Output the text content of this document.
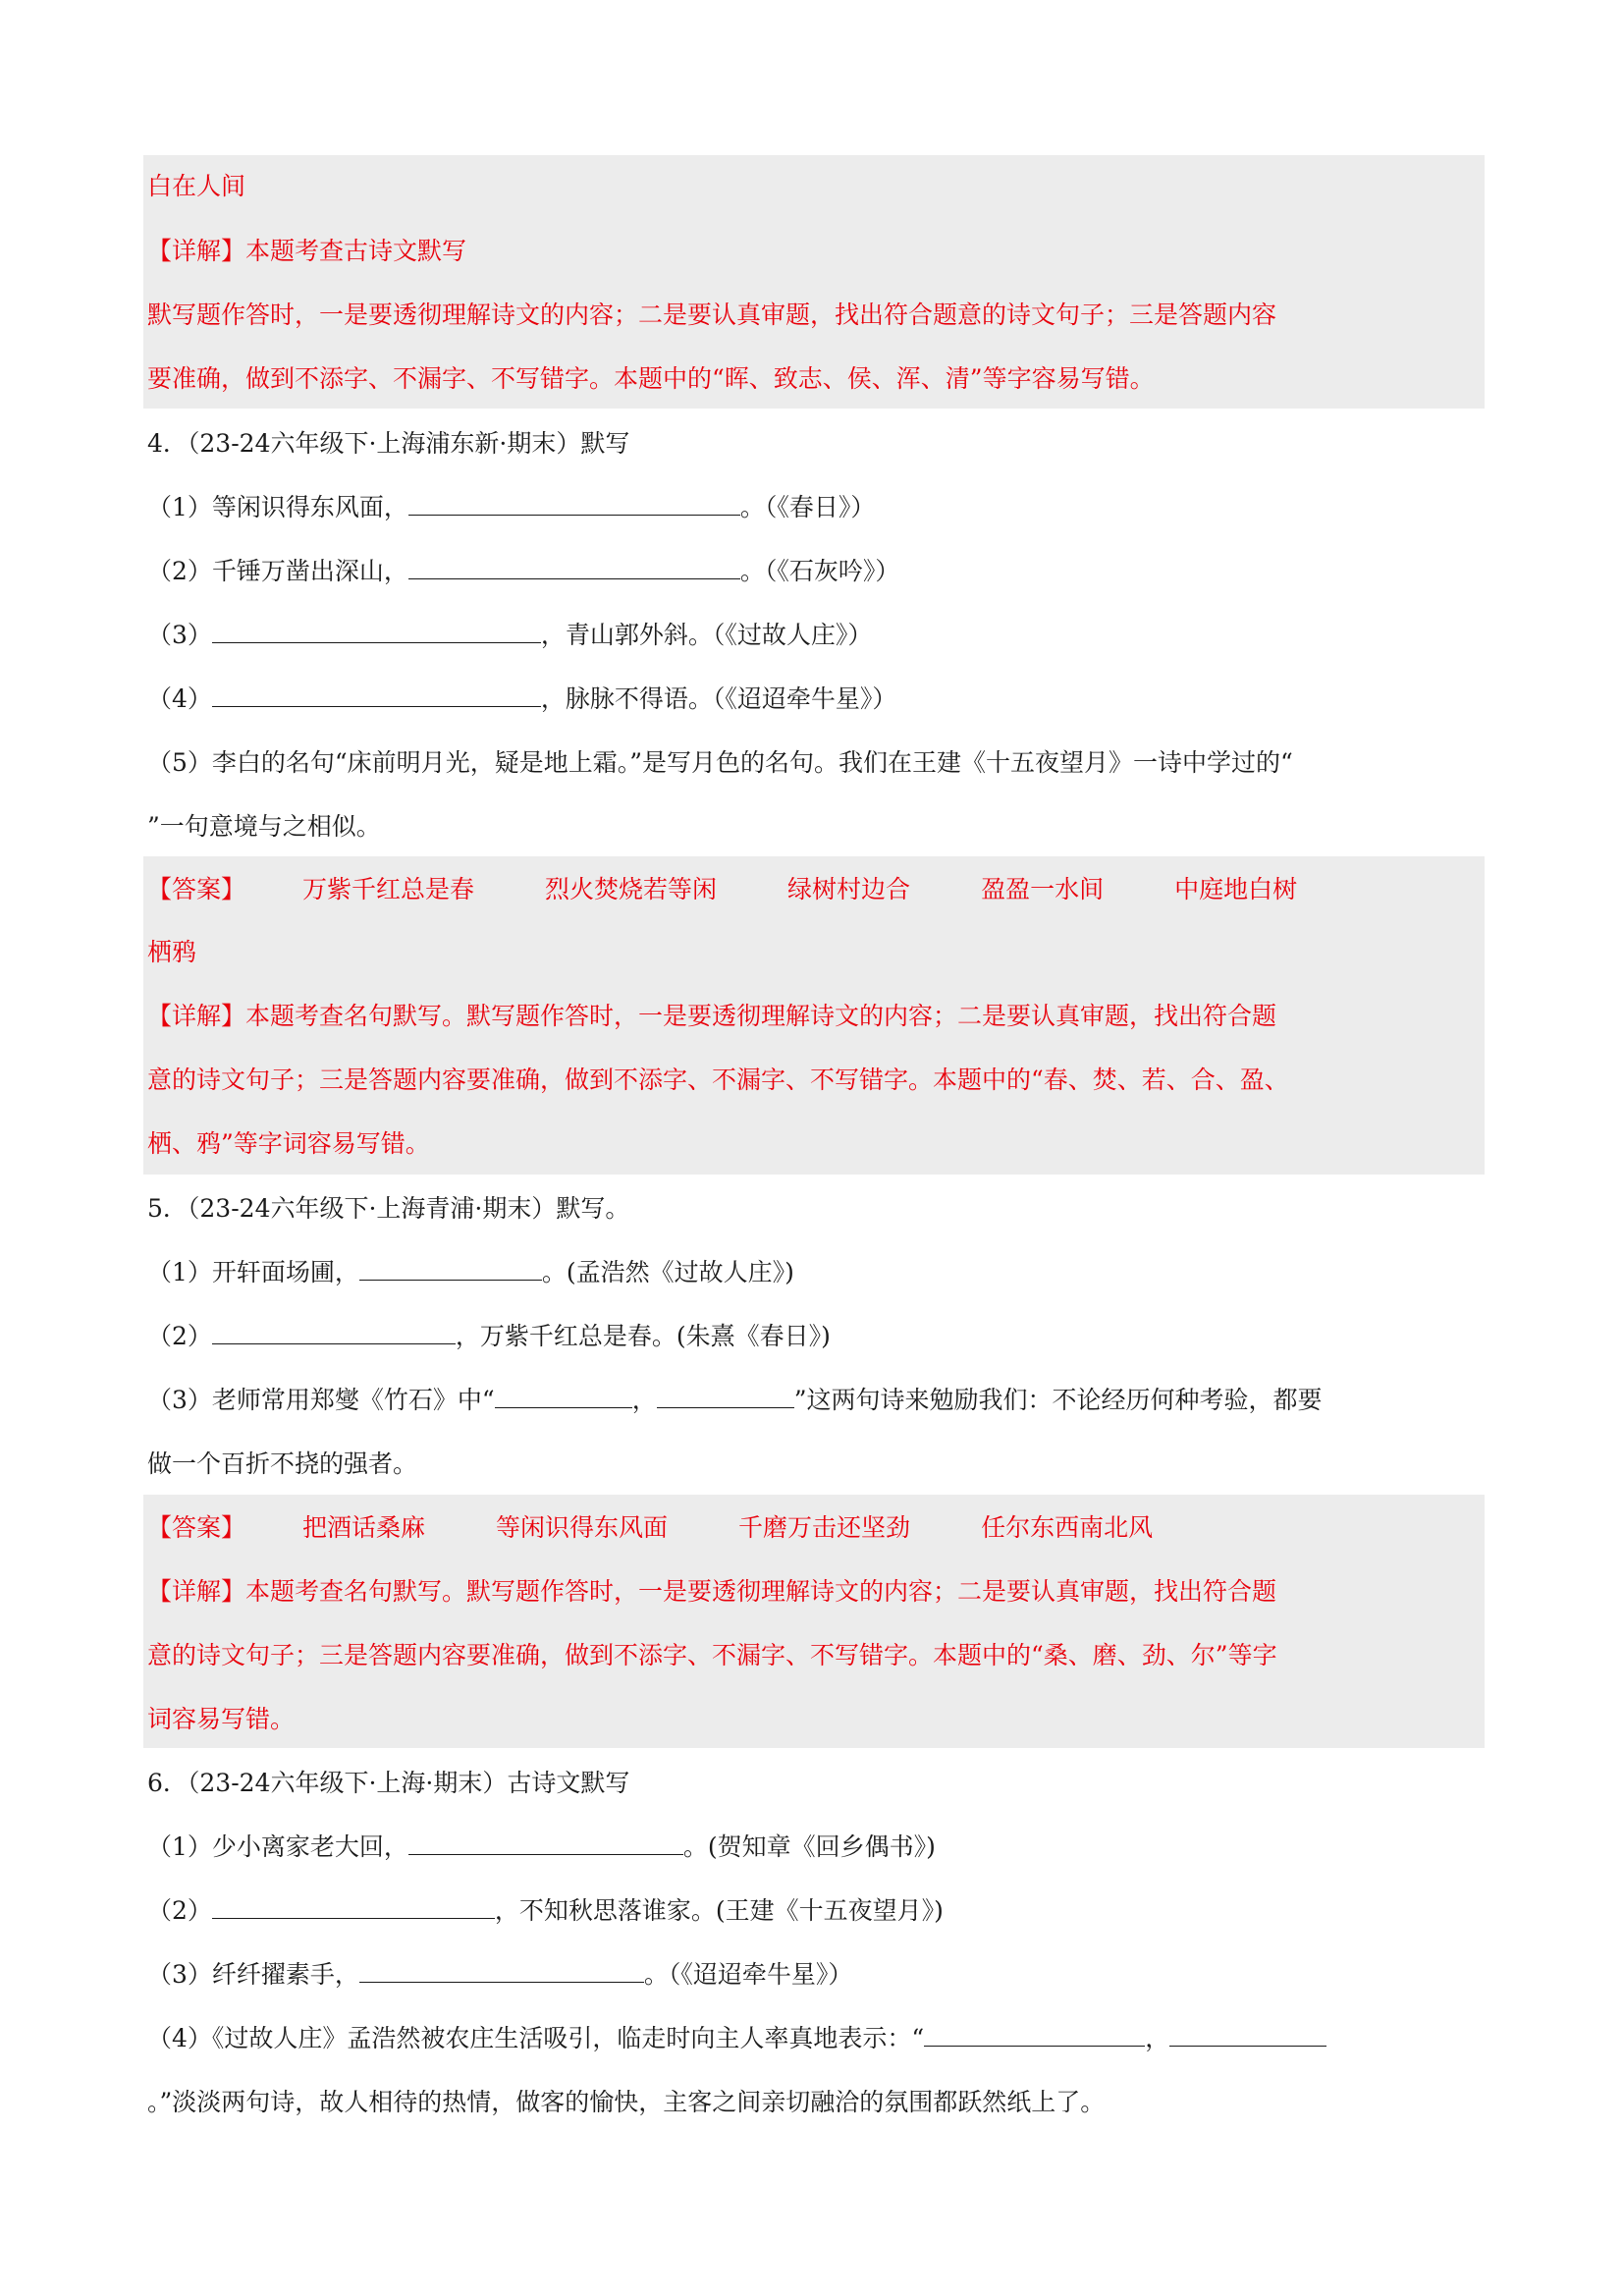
白在人间
【详解】本题考查古诗文默写
默写题作答时，一是要透彻理解诗文的内容；二是要认真审题，找出符合题意的诗文句子；三是答题内容
要准确，做到不添字、不漏字、不写错字。本题中的“晖、致志、侯、浑、清”等字容易写错。
4．（23-24六年级下·上海浦东新·期末）默写
（1）等闲识得东风面，	。（《春日》）
（2）千锤万凿出深山，	。（《石灰吟》）
（3）	，青山郭外斜。（《过故人庄》）
（4）	，脉脉不得语。（《迢迢牵牛星》）
（5）李白的名句“床前明月光，疑是地上霜。”是写月色的名句。我们在王建《十五夜望月》一诗中学过的“
”一句意境与之相似。
【答案】 万紫千红总是春	烈火焚烧若等闲	绿树村边合	盈盈一水间	中庭地白树
栖鸦
【详解】本题考查名句默写。默写题作答时，一是要透彻理解诗文的内容；二是要认真审题，找出符合题
意的诗文句子；三是答题内容要准确，做到不添字、不漏字、不写错字。本题中的“春、焚、若、合、盈、
栖、鸦”等字词容易写错。
5．（23-24六年级下·上海青浦·期末）默写。
（1）开轩面场圃，	。(孟浩然《过故人庄》)
（2）	，万紫千红总是春。(朱熹《春日》)
（3）老师常用郑燮《竹石》中“	，	”这两句诗来勉励我们：不论经历何种考验，都要
做一个百折不挠的强者。
【答案】 把酒话桑麻	等闲识得东风面	千磨万击还坚劲	任尔东西南北风
【详解】本题考查名句默写。默写题作答时，一是要透彻理解诗文的内容；二是要认真审题，找出符合题
意的诗文句子；三是答题内容要准确，做到不添字、不漏字、不写错字。本题中的“桑、磨、劲、尔”等字
词容易写错。
6．（23-24六年级下·上海·期末）古诗文默写
（1）少小离家老大回，	。(贺知章《回乡偶书》)
（2）	，不知秋思落谁家。(王建《十五夜望月》)
（3）纤纤擢素手，	。（《迢迢牵牛星》）
（4）《过故人庄》孟浩然被农庄生活吸引，临走时向主人率真地表示：“	，
。”淡淡两句诗，故人相待的热情，做客的愉快，主客之间亲切融洽的氛围都跃然纸上了。
